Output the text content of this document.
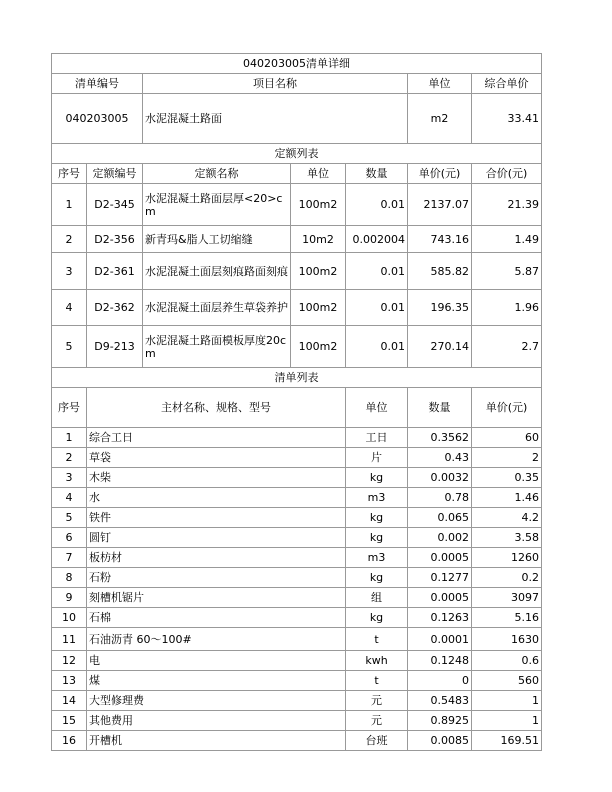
040203005清单详细							
清单编号		项目名称			单位	综合单价	
040203005		水泥混凝土路面			m2	33.41	
定额列表							
序号	定额编号	定额名称	单位	数量	单价(元)	合价(元)	
1	D2-345	水泥混凝土路面层厚<20>cm	100m2	0.01	2137.07	21.39	
2	D2-356	新青玛&脂人工切缩缝	10m2	0.002004	743.16	1.49	
3	D2-361	水泥混凝土面层刻痕路面刻痕	100m2	0.01	585.82	5.87	
4	D2-362	水泥混凝土面层养生草袋养护	100m2	0.01	196.35	1.96	
5	D9-213	水泥混凝土路面模板厚度20cm	100m2	0.01	270.14	2.7	
清单列表							
序号	主材名称、规格、型号			单位	数量	单价(元)	
1	综合工日			工日	0.3562	60	
2	草袋			片	0.43	2	
3	木柴			kg	0.0032	0.35	
4	水			m3	0.78	1.46	
5	铁件			kg	0.065	4.2	
6	圆钉			kg	0.002	3.58	
7	板枋材			m3	0.0005	1260	
8	石粉			kg	0.1277	0.2	
9	刻槽机锯片			组	0.0005	3097	
10	石棉			kg	0.1263	5.16	
11	石油沥青 60～100#			t	0.0001	1630	
12	电			kwh	0.1248	0.6	
13	煤			t	0	560	
14	大型修理费			元	0.5483	1	
15	其他费用			元	0.8925	1	
16	开槽机			台班	0.0085	169.51	
